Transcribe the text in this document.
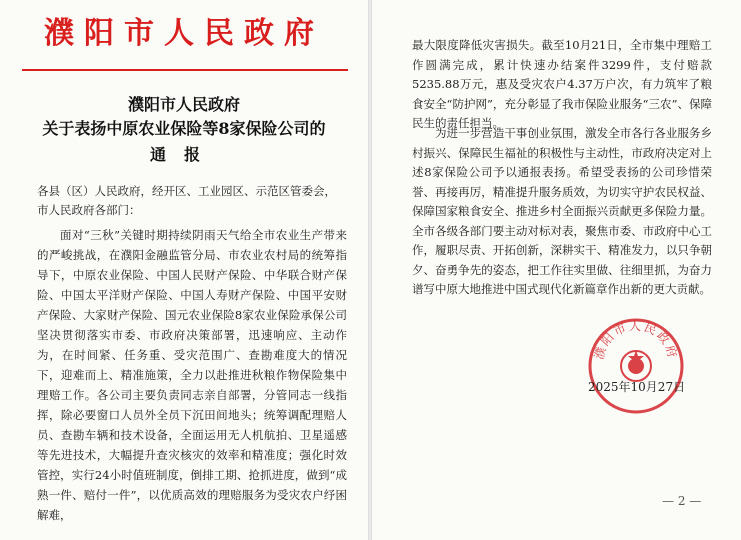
濮阳市人民政府
濮阳市人民政府
关于表扬中原农业保险等8家保险公司的
通报
各县（区）人民政府，经开区、工业园区、示范区管委会，市人民政府各部门：
面对“三秋”关键时期持续阴雨天气给全市农业生产带来的严峻挑战，在濮阳金融监管分局、市农业农村局的统筹指导下，中原农业保险、中国人民财产保险、中华联合财产保险、中国太平洋财产保险、中国人寿财产保险、中国平安财产保险、大家财产保险、国元农业保险8家农业保险承保公司坚决贯彻落实市委、市政府决策部署，迅速响应、主动作为，在时间紧、任务重、受灾范围广、查勘难度大的情况下，迎难而上、精准施策，全力以赴推进秋粮作物保险集中理赔工作。各公司主要负责同志亲自部署，分管同志一线指挥，除必要窗口人员外全员下沉田间地头；统筹调配理赔人员、查勘车辆和技术设备，全面运用无人机航拍、卫星遥感等先进技术，大幅提升查灾核灾的效率和精准度；强化时效管控，实行24小时值班制度，倒排工期、抢抓进度，做到“成熟一件、赔付一件”，以优质高效的理赔服务为受灾农户纾困解难，
最大限度降低灾害损失。截至10月21日，全市集中理赔工作圆满完成，累计快速办结案件3299件，支付赔款5235.88万元，惠及受灾农户4.37万户次，有力筑牢了粮食安全“防护网”，充分彰显了我市保险业服务“三农”、保障民生的责任担当。
为进一步营造干事创业氛围，激发全市各行各业服务乡村振兴、保障民生福祉的积极性与主动性，市政府决定对上述8家保险公司予以通报表扬。希望受表扬的公司珍惜荣誉、再接再厉，精准提升服务质效，为切实守护农民权益、保障国家粮食安全、推进乡村全面振兴贡献更多保险力量。全市各级各部门要主动对标对表，聚焦市委、市政府中心工作，履职尽责、开拓创新，深耕实干、精准发力，以只争朝夕、奋勇争先的姿态，把工作往实里做、往细里抓，为奋力谱写中原大地推进中国式现代化新篇章作出新的更大贡献。
濮阳市人民政府
2025年10月27日
— 2 —
